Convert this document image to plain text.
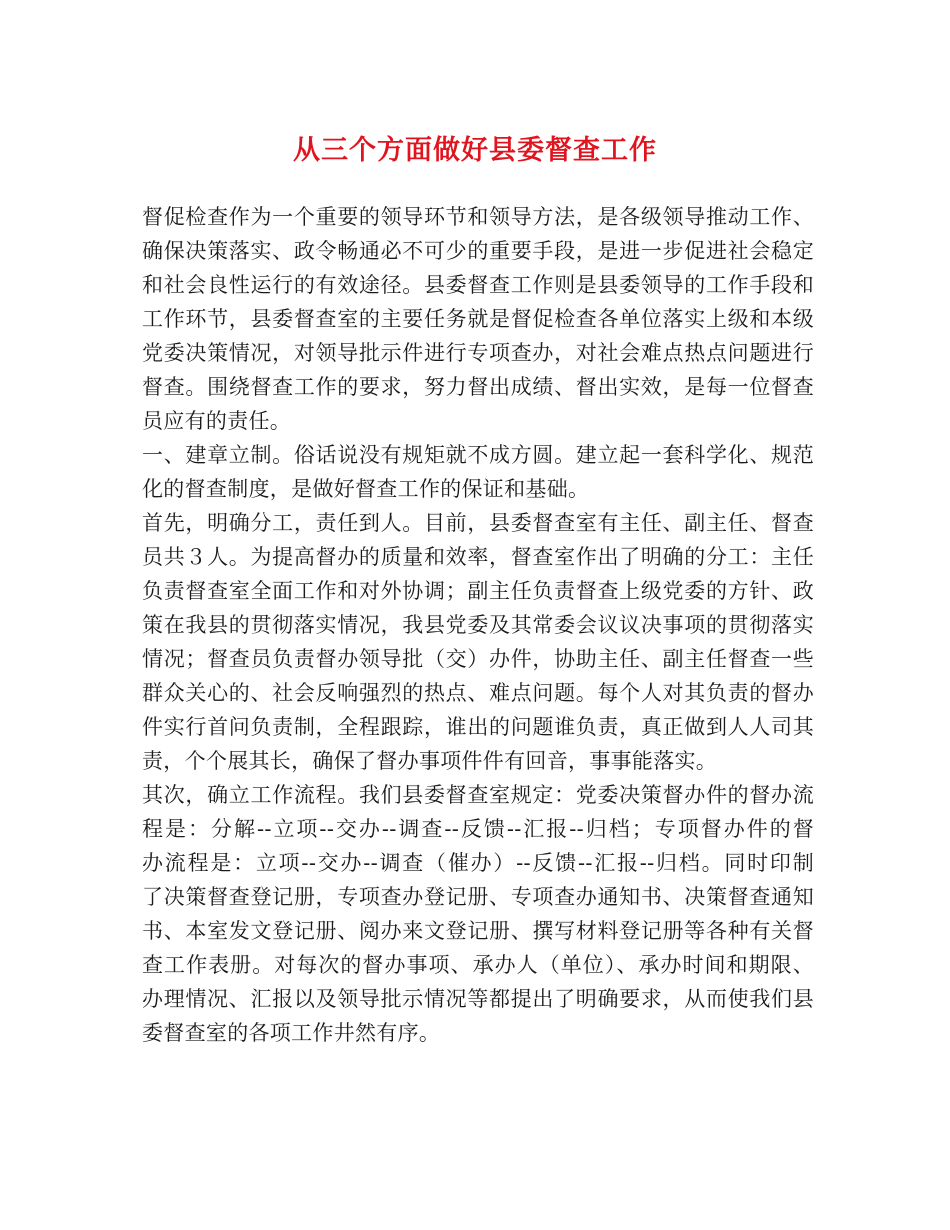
从三个方面做好县委督查工作
督促检查作为一个重要的领导环节和领导方法，是各级领导推动工作、
确保决策落实、政令畅通必不可少的重要手段，是进一步促进社会稳定
和社会良性运行的有效途径。县委督查工作则是县委领导的工作手段和
工作环节，县委督查室的主要任务就是督促检查各单位落实上级和本级
党委决策情况，对领导批示件进行专项查办，对社会难点热点问题进行
督查。围绕督查工作的要求，努力督出成绩、督出实效，是每一位督查
员应有的责任。
一、建章立制。俗话说没有规矩就不成方圆。建立起一套科学化、规范
化的督查制度，是做好督查工作的保证和基础。
首先，明确分工，责任到人。目前，县委督查室有主任、副主任、督查
员共３人。为提高督办的质量和效率，督查室作出了明确的分工：主任
负责督查室全面工作和对外协调；副主任负责督查上级党委的方针、政
策在我县的贯彻落实情况，我县党委及其常委会议议决事项的贯彻落实
情况；督查员负责督办领导批（交）办件，协助主任、副主任督查一些
群众关心的、社会反响强烈的热点、难点问题。每个人对其负责的督办
件实行首问负责制，全程跟踪，谁出的问题谁负责，真正做到人人司其
责，个个展其长，确保了督办事项件件有回音，事事能落实。
其次，确立工作流程。我们县委督查室规定：党委决策督办件的督办流
程是：分解--立项--交办--调查--反馈--汇报--归档；专项督办件的督
办流程是：立项--交办--调查（催办）--反馈--汇报--归档。同时印制
了决策督查登记册，专项查办登记册、专项查办通知书、决策督查通知
书、本室发文登记册、阅办来文登记册、撰写材料登记册等各种有关督
查工作表册。对每次的督办事项、承办人（单位）、承办时间和期限、
办理情况、汇报以及领导批示情况等都提出了明确要求，从而使我们县
委督查室的各项工作井然有序。
